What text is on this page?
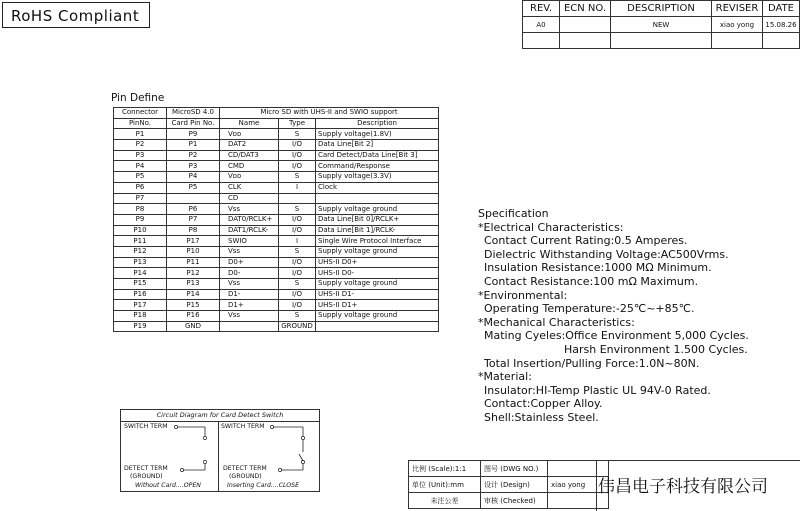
RoHS Compliant	REV.	ECN NO.	DESCRIPTION	REVISER	DATE
A0		NEW	xiao yong	15.08.26

Pin Define
Connector	MicroSD 4.0	Micro SD with UHS-II and SWIO support		
PinNo.	Card Pin No.	Name	Type	Description
P1	P9	Vᴅᴅ	S	Supply voltage(1.8V)
P2	P1	DAT2	I/O	Data Line[Bit 2]
P3	P2	CD/DAT3	I/O	Card Detect/Data Line[Bit 3]
P4	P3	CMD	I/O	Command/Response
P5	P4	Vᴅᴅ	S	Supply voltage(3.3V)
P6	P5	CLK	I	Clock
P7		CD		
P8	P6	Vss	S	Supply voltage ground
P9	P7	DAT0/RCLK+	I/O	Data Line[Bit 0]/RCLK+
P10	P8	DAT1/RCLK-	I/O	Data Line[Bit 1]/RCLK-
P11	P17	SWIO	I	Single Wire Protocol Interface
P12	P10	Vss	S	Supply voltage ground
P13	P11	D0+	I/O	UHS-II D0+
P14	P12	D0-	I/O	UHS-II D0-
P15	P13	Vss	S	Supply voltage ground
P16	P14	D1-	I/O	UHS-II D1-
P17	P15	D1+	I/O	UHS-II D1+
P18	P16	Vss	S	Supply voltage ground
P19	GND		GROUND	
Specification
*Electrical Characteristics:
Contact Current Rating:0.5 Amperes.
Dielectric Withstanding Voltage:AC500Vrms.
Insulation Resistance:1000 MΩ Minimum.
Contact Resistance:100 mΩ Maximum.
*Environmental:
Operating Temperature:-25℃~+85℃.
*Mechanical Characteristics:
Mating Cyeles:Office Environment 5,000 Cycles.
Harsh Environment 1.500 Cycles.
Total Insertion/Pulling Force:1.0N~80N.
*Material:
Insulator:HI-Temp Plastic UL 94V-0 Rated.
Contact:Copper Alloy.
Shell:Stainless Steel.
Circuit Diagram for Card Detect Switch
SWITCH TERM
DETECT TERM
(GROUND)
Without Card....OPEN
SWITCH TERM
DETECT TERM
(GROUND)
Inserting Card....CLOSE
比例 (Scale):1:1	图号 (DWG NO.)	
单位 (Unit):mm	设计 (Design)	xiao yong
未注公差	审核 (Checked)	
伟昌电子科技有限公司
